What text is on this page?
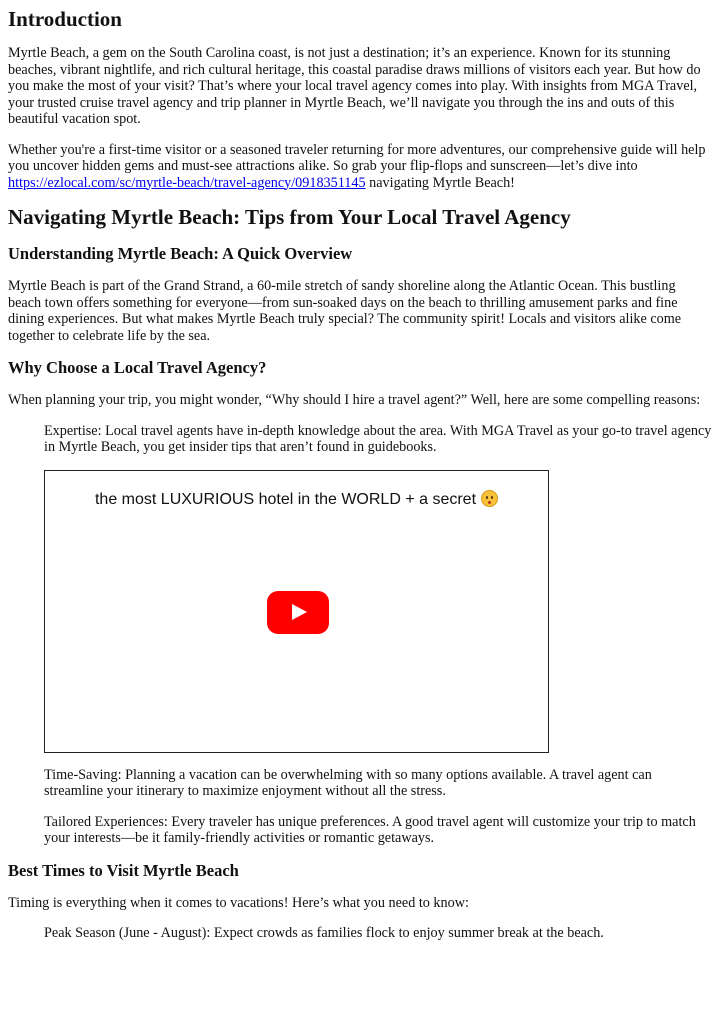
Introduction

Myrtle Beach, a gem on the South Carolina coast, is not just a destination; it’s an experience. Known for its stunning beaches, vibrant nightlife, and rich cultural heritage, this coastal paradise draws millions of visitors each year. But how do you make the most of your visit? That’s where your local travel agency comes into play. With insights from MGA Travel, your trusted cruise travel agency and trip planner in Myrtle Beach, we’ll navigate you through the ins and outs of this beautiful vacation spot.

Whether you're a first-time visitor or a seasoned traveler returning for more adventures, our comprehensive guide will help you uncover hidden gems and must-see attractions alike. So grab your flip-flops and sunscreen—let’s dive into https://ezlocal.com/sc/myrtle-beach/travel-agency/0918351145 navigating Myrtle Beach!

Navigating Myrtle Beach: Tips from Your Local Travel Agency
Understanding Myrtle Beach: A Quick Overview

Myrtle Beach is part of the Grand Strand, a 60-mile stretch of sandy shoreline along the Atlantic Ocean. This bustling beach town offers something for everyone—from sun-soaked days on the beach to thrilling amusement parks and fine dining experiences. But what makes Myrtle Beach truly special? The community spirit! Locals and visitors alike come together to celebrate life by the sea.

Why Choose a Local Travel Agency?

When planning your trip, you might wonder, “Why should I hire a travel agent?” Well, here are some compelling reasons:

Expertise: Local travel agents have in-depth knowledge about the area. With MGA Travel as your go-to travel agency in Myrtle Beach, you get insider tips that aren’t found in guidebooks.

the most LUXURIOUS hotel in the WORLD + a secret

Time-Saving: Planning a vacation can be overwhelming with so many options available. A travel agent can streamline your itinerary to maximize enjoyment without all the stress.

Tailored Experiences: Every traveler has unique preferences. A good travel agent will customize your trip to match your interests—be it family-friendly activities or romantic getaways.

Best Times to Visit Myrtle Beach

Timing is everything when it comes to vacations! Here’s what you need to know:

Peak Season (June - August): Expect crowds as families flock to enjoy summer break at the beach.
